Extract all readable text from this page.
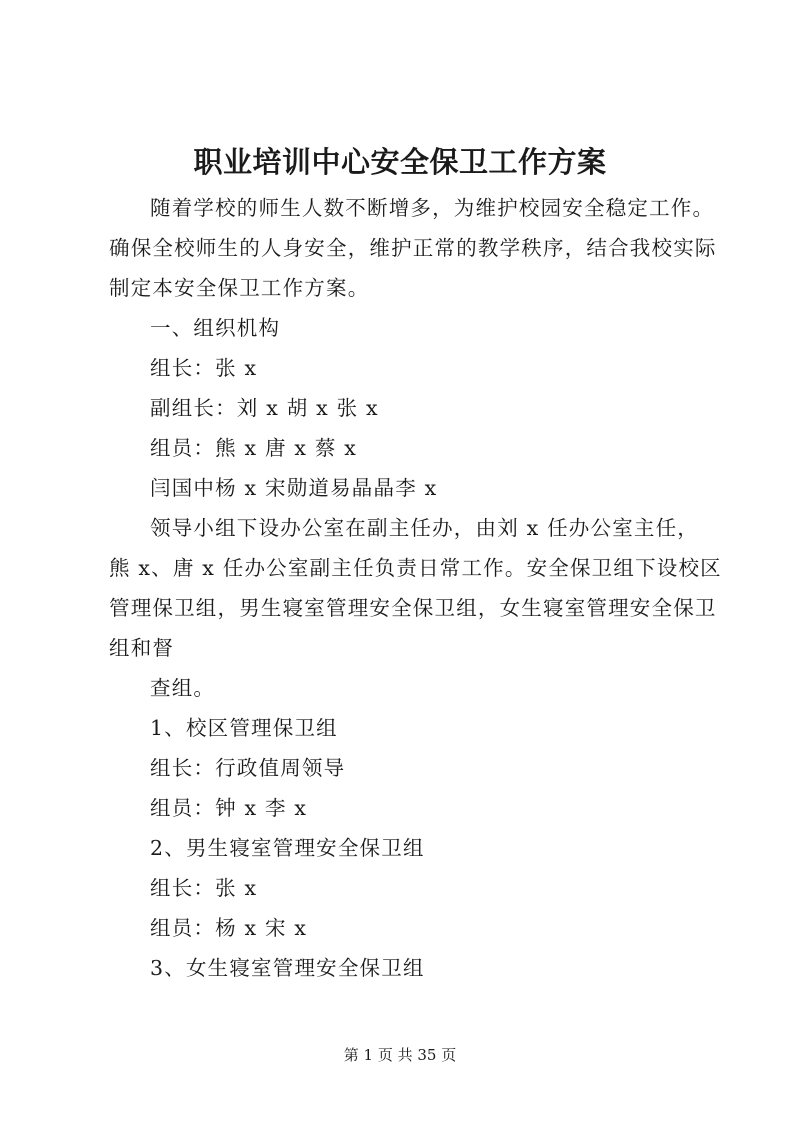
职业培训中心安全保卫工作方案
随着学校的师生人数不断增多，为维护校园安全稳定工作。
确保全校师生的人身安全，维护正常的教学秩序，结合我校实际
制定本安全保卫工作方案。
一、组织机构
组长：张 x
副组长：刘 x 胡 x 张 x
组员：熊 x 唐 x 蔡 x
闫国中杨 x 宋勋道易晶晶李 x
领导小组下设办公室在副主任办，由刘 x 任办公室主任，
熊 x、唐 x 任办公室副主任负责日常工作。安全保卫组下设校区
管理保卫组，男生寝室管理安全保卫组，女生寝室管理安全保卫
组和督
查组。
1、校区管理保卫组
组长：行政值周领导
组员：钟 x 李 x
2、男生寝室管理安全保卫组
组长：张 x
组员：杨 x 宋 x
3、女生寝室管理安全保卫组
第 1 页 共 35 页
